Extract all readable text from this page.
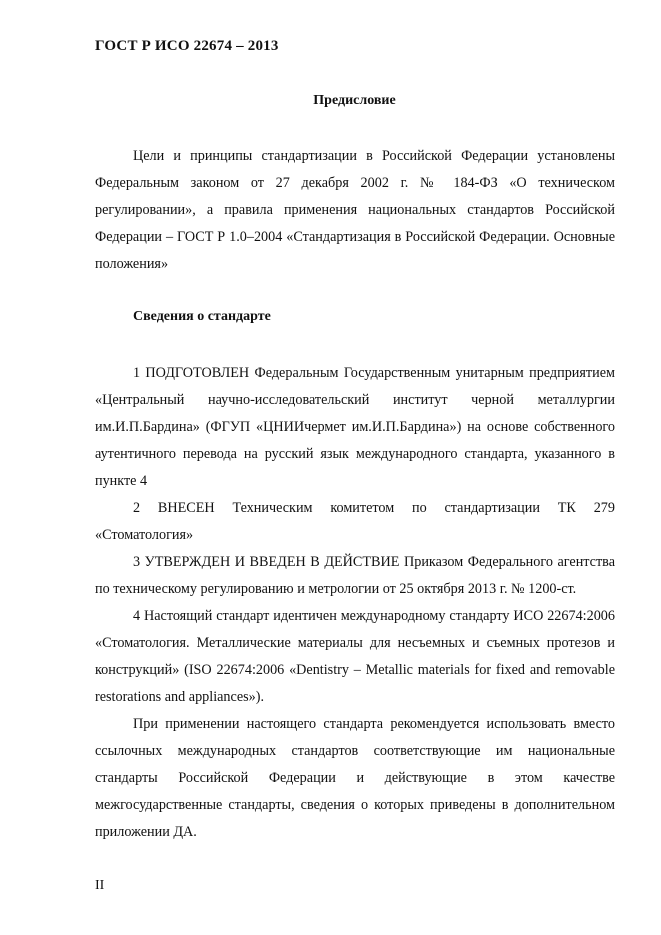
ГОСТ Р ИСО 22674 – 2013
Предисловие

Цели и принципы стандартизации в Российской Федерации установлены Федеральным законом от 27 декабря 2002 г. № 184-ФЗ «О техническом регулировании», а правила применения национальных стандартов Российской Федерации – ГОСТ Р 1.0–2004 «Стандартизация в Российской Федерации. Основные положения»

Сведения о стандарте

1 ПОДГОТОВЛЕН Федеральным Государственным унитарным предприятием «Центральный научно-исследовательский институт черной металлургии им.И.П.Бардина» (ФГУП «ЦНИИчермет им.И.П.Бардина») на основе собственного аутентичного перевода на русский язык международного стандарта, указанного в пункте 4

2 ВНЕСЕН Техническим комитетом по стандартизации ТК 279 «Стоматология»

3 УТВЕРЖДЕН И ВВЕДЕН В ДЕЙСТВИЕ Приказом Федерального агентства по техническому регулированию и метрологии от 25 октября 2013 г. № 1200-ст.

4 Настоящий стандарт идентичен международному стандарту ИСО 22674:2006 «Стоматология. Металлические материалы для несъемных и съемных протезов и конструкций» (ISO 22674:2006 «Dentistry – Metallic materials for fixed and removable restorations and appliances»).

При применении настоящего стандарта рекомендуется использовать вместо ссылочных международных стандартов соответствующие им национальные стандарты Российской Федерации и действующие в этом качестве межгосударственные стандарты, сведения о которых приведены в дополнительном приложении ДА.

II
